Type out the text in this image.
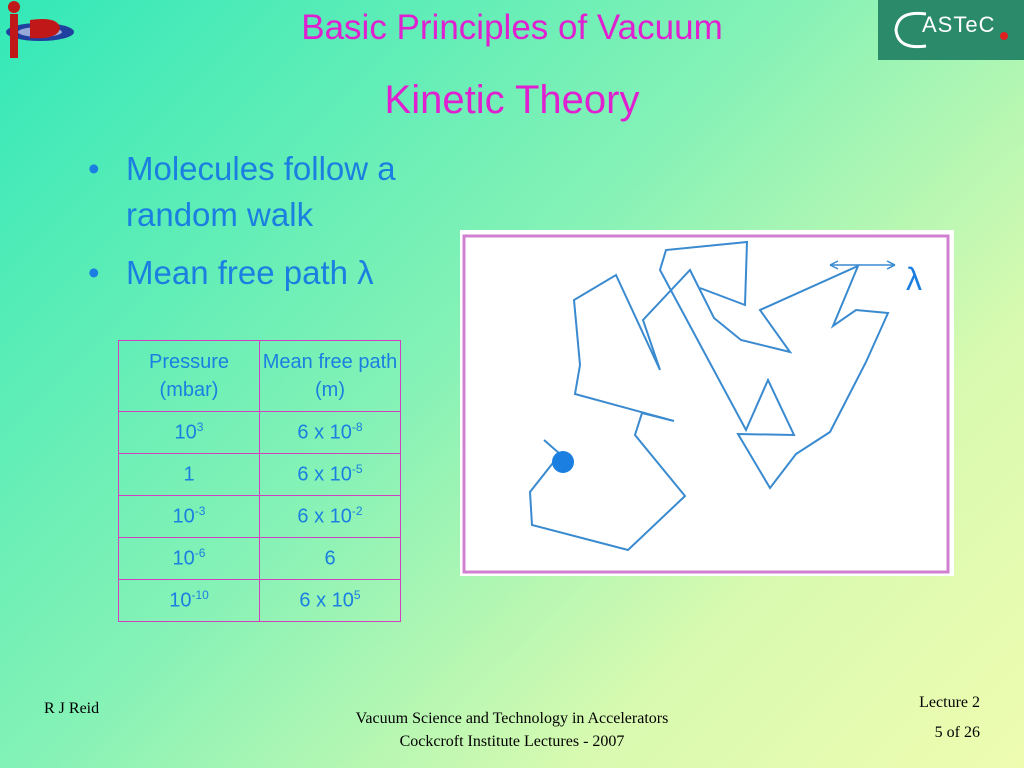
ASTeC
Basic Principles of Vacuum
Kinetic Theory
• Molecules follow a random walk
• Mean free path λ
Pressure (mbar)	Mean free path (m)
$10^3$	6 x $10^{-8}$
1	6 x $10^{-5}$
$10^{-3}$	6 x $10^{-2}$
$10^{-6}$	6
$10^{-10}$	6 x $10^5$
λ
R J Reid
Vacuum Science and Technology in Accelerators
Cockcroft Institute Lectures - 2007
Lecture 2
5 of 26
